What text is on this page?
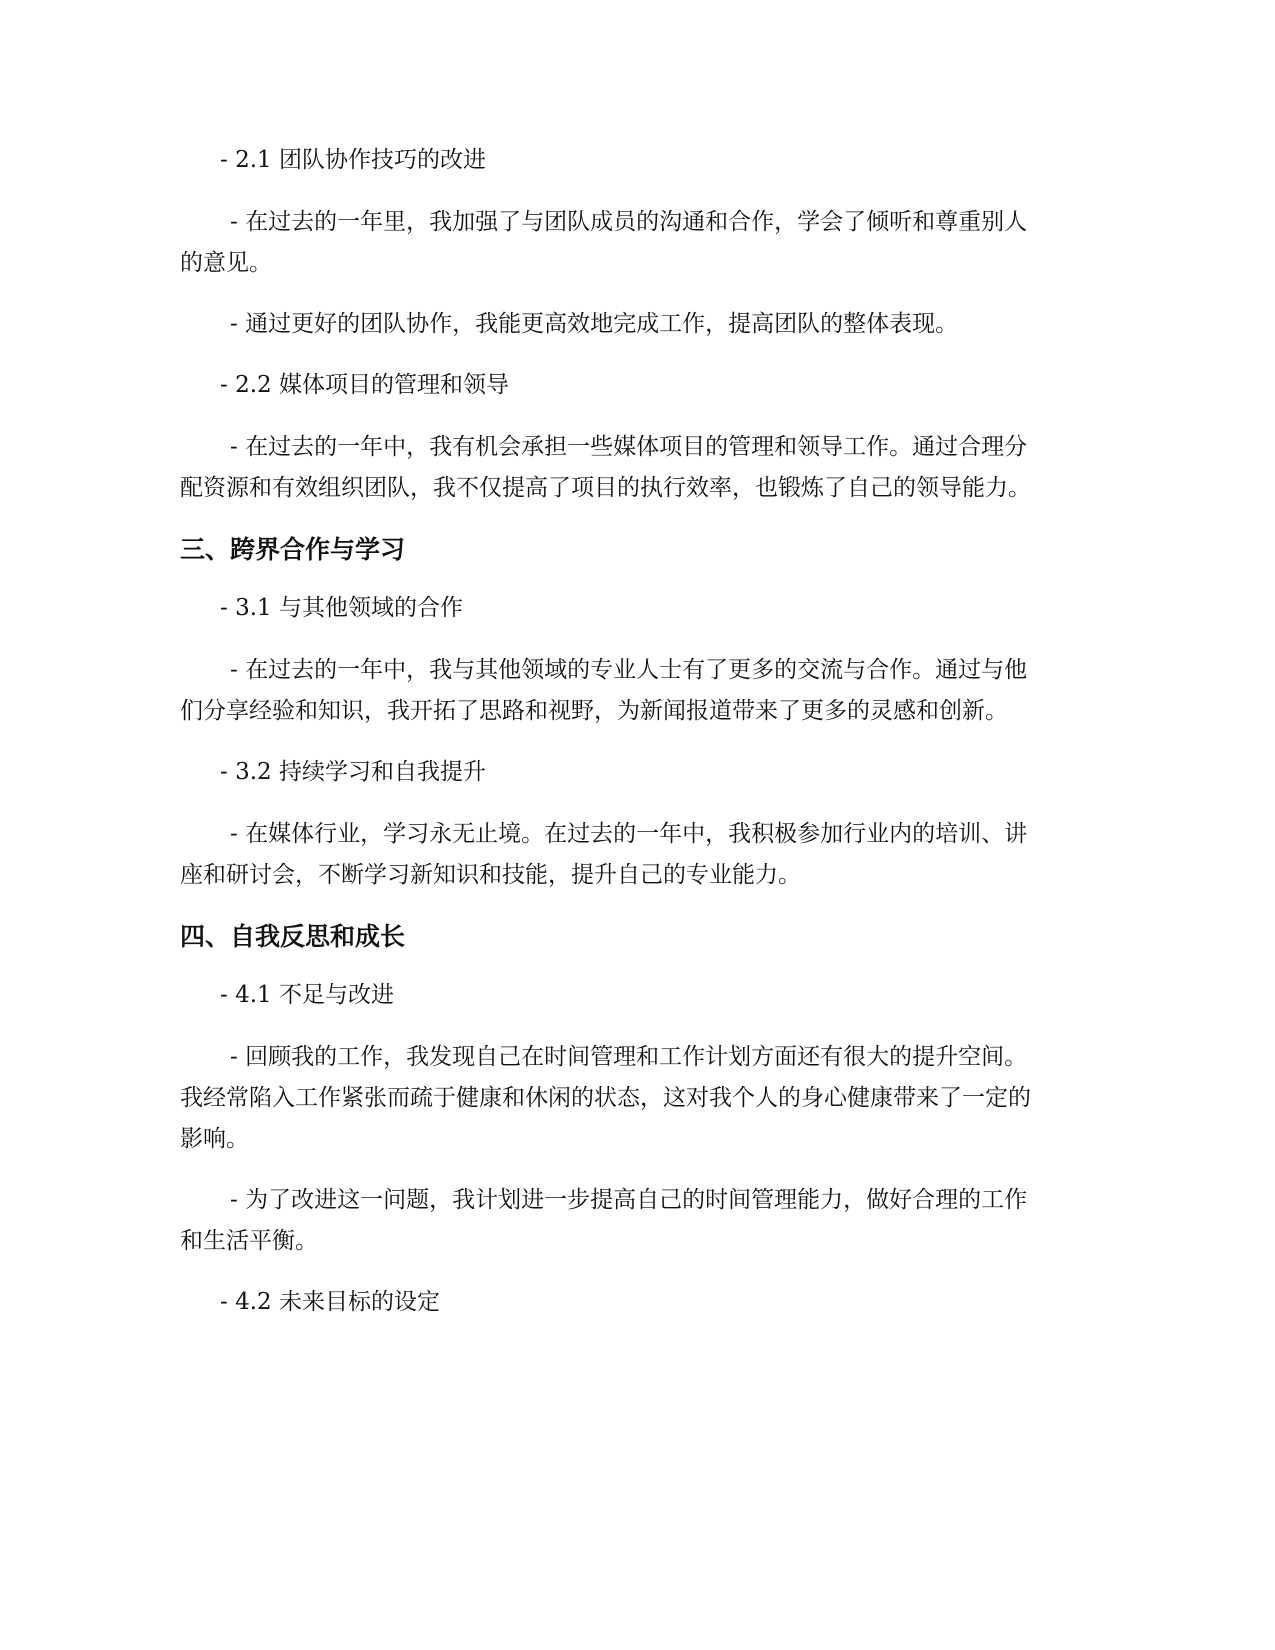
- 2.1 团队协作技巧的改进

- 在过去的一年里，我加强了与团队成员的沟通和合作，学会了倾听和尊重别人的意见。

- 通过更好的团队协作，我能更高效地完成工作，提高团队的整体表现。

- 2.2 媒体项目的管理和领导

- 在过去的一年中，我有机会承担一些媒体项目的管理和领导工作。通过合理分配资源和有效组织团队，我不仅提高了项目的执行效率，也锻炼了自己的领导能力。

三、跨界合作与学习

- 3.1 与其他领域的合作

- 在过去的一年中，我与其他领域的专业人士有了更多的交流与合作。通过与他们分享经验和知识，我开拓了思路和视野，为新闻报道带来了更多的灵感和创新。

- 3.2 持续学习和自我提升

- 在媒体行业，学习永无止境。在过去的一年中，我积极参加行业内的培训、讲座和研讨会，不断学习新知识和技能，提升自己的专业能力。

四、自我反思和成长

- 4.1 不足与改进

- 回顾我的工作，我发现自己在时间管理和工作计划方面还有很大的提升空间。我经常陷入工作紧张而疏于健康和休闲的状态，这对我个人的身心健康带来了一定的影响。

- 为了改进这一问题，我计划进一步提高自己的时间管理能力，做好合理的工作和生活平衡。

- 4.2 未来目标的设定
